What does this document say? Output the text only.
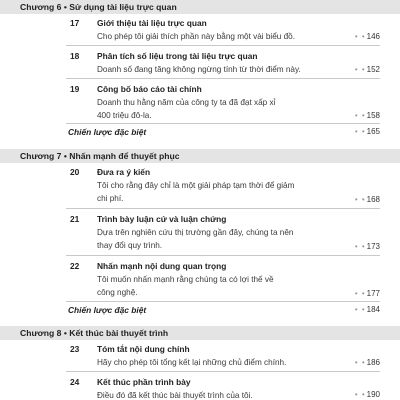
Chương 6 • Sử dụng tài liệu trực quan
17	Giới thiệu tài liệu trực quan
Cho phép tôi giải thích phần này bằng một vài biểu đồ.	• •146
18	Phân tích số liệu trong tài liệu trực quan
Doanh số đang tăng không ngừng tính từ thời điểm này.	• •152
19	Công bố báo cáo tài chính
Doanh thu hằng năm của công ty ta đã đạt xấp xỉ
400 triệu đô-la.	• •158
Chiến lược đặc biệt	• •165
Chương 7 • Nhấn mạnh để thuyết phục
20	Đưa ra ý kiến
Tôi cho rằng đây chỉ là một giải pháp tạm thời để giảm
chi phí.	• •168
21	Trình bày luận cứ và luận chứng
Dựa trên nghiên cứu thị trường gần đây, chúng ta nên
thay đổi quy trình.	• •173
22	Nhấn mạnh nội dung quan trọng
Tôi muốn nhấn mạnh rằng chúng ta có lợi thế về
công nghệ.	• •177
Chiến lược đặc biệt	• •184
Chương 8 • Kết thúc bài thuyết trình
23	Tóm tắt nội dung chính
Hãy cho phép tôi tổng kết lại những chủ điểm chính.	• •186
24	Kết thúc phần trình bày
Điều đó đã kết thúc bài thuyết trình của tôi.	• •190
